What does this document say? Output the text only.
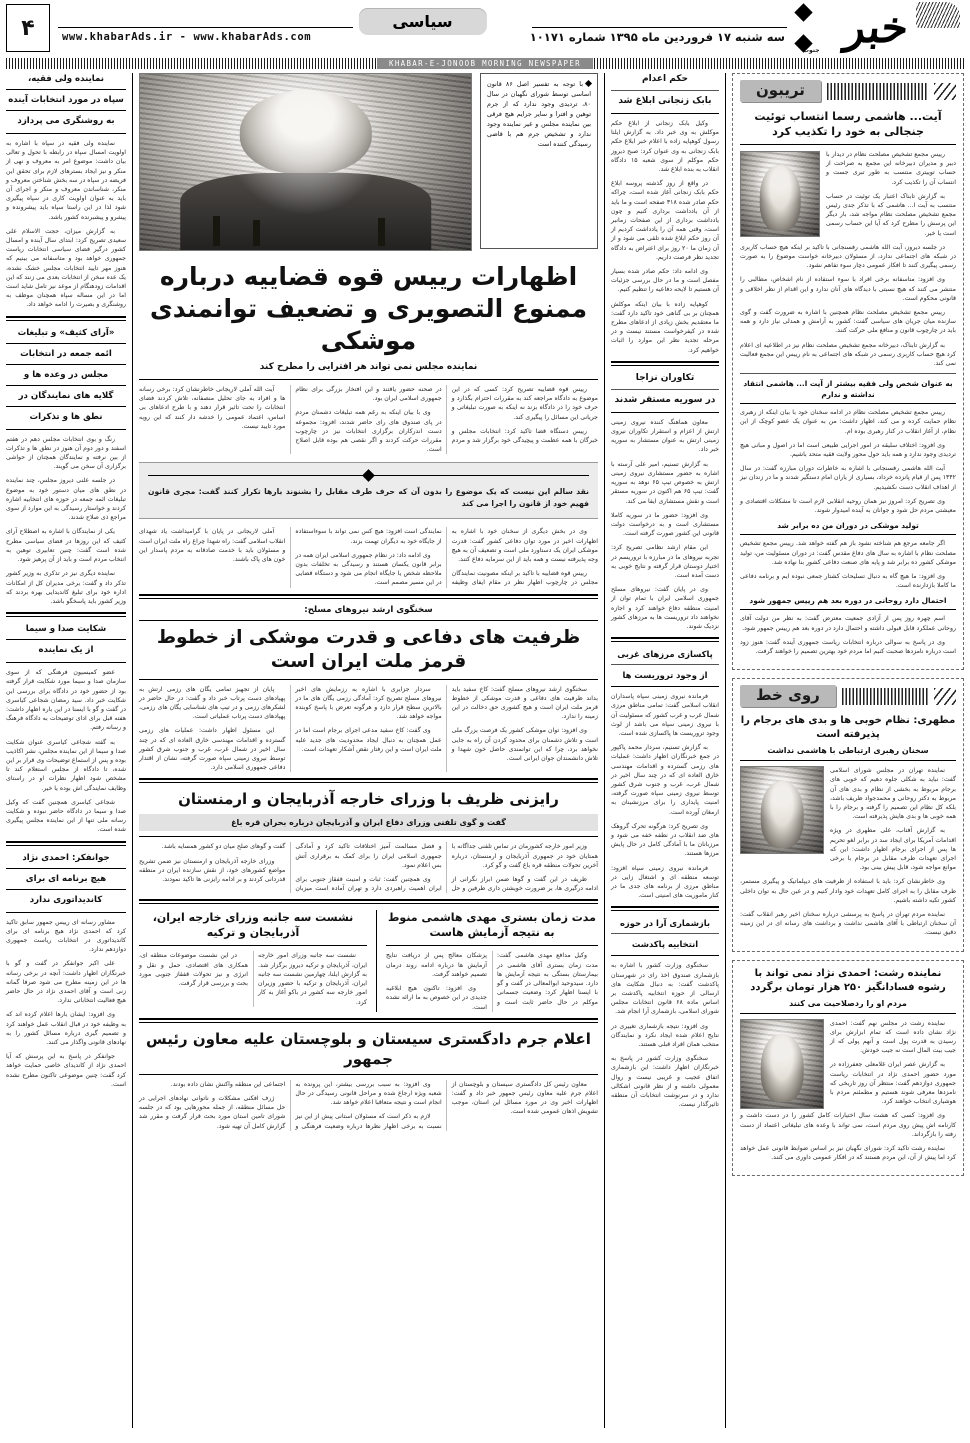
خبر
جنوب
سه شنبه ۱۷ فروردین ماه ۱۳۹۵ شماره ۱۰۱۷۱
سیاسی
www.khabarAds.ir - www.khabarAds.com
۴
KHABAR-E-JONOOB MORNING NEWSPAPER
تریبون
آیت... هاشمی رسما انتساب توئیت جنجالی به خود را تکذیب کرد

رییس مجمع تشخیص مصلحت نظام در دیدار با دبیر و مدیران دبیرخانه این مجمع به صراحت از حساب توییتری منتسب به طور تبری جست و انتساب آن را تکذیب کرد.

به گزارش تابناک اعتبار یک توئیت در حساب منتسب به آیت ا... هاشمی که با تذکر جدی رئیس مجمع تشخیص مصلحت نظام مواجه شد، بار دیگر این پرسش را مطرح کرد که آیا این حساب رسمی است یا خیر.

در جلسه دیروز، آیت الله هاشمی رفسنجانی با تاکید بر اینکه هیچ حساب کاربری در شبکه های اجتماعی ندارد، از مسئولان دبیرخانه خواست موضوع را به صورت رسمی پیگیری کنند تا افکار عمومی دچار سوء تفاهم نشود.

وی افزود: متاسفانه برخی افراد با سوء استفاده از نام اشخاص، مطالبی را منتشر می کنند که هیچ نسبتی با دیدگاه های آنان ندارد و این اقدام از نظر اخلاقی و قانونی محکوم است.

رییس مجمع تشخیص مصلحت نظام همچنین با اشاره به ضرورت گفت و گوی سازنده میان جریان های سیاسی گفت: کشور به آرامش و همدلی نیاز دارد و همه باید در چارچوب قانون و منافع ملی حرکت کنند.

به گزارش تابناک، دبیرخانه مجمع تشخیص مصلحت نظام نیز در اطلاعیه ای اعلام کرد هیچ حساب کاربری رسمی در شبکه های اجتماعی به نام رییس این مجمع فعالیت نمی کند.

به عنوان شخص ولی فقیه بیشتر از آیت ا... هاشمی انتقاد نداشته و ندارم

رییس مجمع تشخیص مصلحت نظام در ادامه سخنان خود با بیان اینکه از رهبری نظام حمایت کرده و می کند، اظهار داشت: من به عنوان یک عضو کوچک از این نظام، از آغاز انقلاب در کنار رهبری بوده ام.

وی افزود: اختلاف سلیقه در امور اجرایی طبیعی است اما در اصول و مبانی هیچ تردیدی وجود ندارد و همه باید حول محور ولایت فقیه متحد باشیم.

آیت الله هاشمی رفسنجانی با اشاره به خاطرات دوران مبارزه گفت: در سال ۱۳۴۲ پس از قیام پانزده خرداد، بسیاری از یاران امام دستگیر شدند و ما در زندان نیز از اهداف انقلاب دست نکشیدیم.

وی تصریح کرد: امروز نیز همان روحیه انقلابی لازم است تا مشکلات اقتصادی و معیشتی مردم حل شود و جوانان به آینده امیدوار شوند.

تولید موشکی در دوران من ده برابر شد

اگر جامعه مرجع هم شناخته نشود باز هم گفته خواهد شد. رییس مجمع تشخیص مصلحت نظام با اشاره به سال های دفاع مقدس گفت: در دوران مسئولیت من، تولید موشکی کشور ده برابر شد و پایه های صنعت دفاعی کشور بنا نهاده شد.

وی افزود: ما هیچ گاه به دنبال تسلیحات کشتار جمعی نبوده ایم و برنامه دفاعی ما کاملا بازدارنده است.

احتمال دارد روحانی در دوره بعد هم رییس جمهور شود

اسم چهره روز پس از آزادی جمعیت معترض گفت: به نظر من دولت آقای روحانی عملکرد قابل قبولی داشته و احتمال دارد در دوره بعد هم رییس جمهور شود.

وی در پاسخ به سوالی درباره انتخابات ریاست جمهوری آینده گفت: هنوز زود است درباره نامزدها صحبت کنیم اما مردم خود بهترین تصمیم را خواهند گرفت.

روی خط
مطهری: نظام خوبی ها و بدی های برجام را پذیرفته است

سخنان رهبری ارتباطی با هاشمی نداشت

نماینده تهران در مجلس شورای اسلامی گفت: نباید به شکلی جلوه دهیم که خوبی های برجام مربوط به بخشی از نظام و بدی های آن مربوط به دکتر روحانی و محمدجواد ظریف باشد، بلکه کل نظام این تصمیم را گرفته و برجام را با همه خوبی ها و بدی هایش پذیرفته است.

به گزارش آفتاب، علی مطهری در ویژه اقدامات آمریکا برای ایجاد سد در برابر لغو تحریم ها پس از اجرای برجام اظهار داشت: این که اجرای تعهدات طرف مقابل در برجام با برخی موانع مواجه شود، قابل پیش بینی بود.

وی خاطرنشان کرد: باید با استفاده از ظرفیت های دیپلماتیک و پیگیری مستمر، طرف مقابل را به اجرای کامل تعهدات خود وادار کنیم و در عین حال به توان داخلی کشور تکیه داشته باشیم.

نماینده مردم تهران در پاسخ به پرسشی درباره سخنان اخیر رهبر انقلاب گفت: آن سخنان ارتباطی با آقای هاشمی نداشت و برداشت های رسانه ای در این زمینه دقیق نیست.

نماینده رشت: احمدی نژاد نمی تواند با رشوه فسادانگیز ۲۵۰ هزار تومان برگردد

مردم او را ردصلاحیت می کنند

نماینده رشت در مجلس نهم گفت: احمدی نژاد نشان داده است که تمام ابزارش برای رسیدن به قدرت پول است و آنهم پولی که از جیب بیت المال است نه جیب خودش.

به گزارش عصر ایران غلامعلی جعفرزاده در مورد حضور احمدی نژاد در انتخابات ریاست جمهوری دوازدهم گفت: منتظر آن روز تاریخی که نامزدها معرفی شوند هستیم و مطمئنم مردم با هوشیاری انتخاب خواهند کرد.

وی افزود: کسی که هشت سال اختیارات کامل کشور را در دست داشت و کارنامه اش پیش روی مردم است، نمی تواند با وعده های تبلیغاتی اعتماد از دست رفته را بازگرداند.

نماینده رشت تاکید کرد: شورای نگهبان نیز بر اساس ضوابط قانونی عمل خواهد کرد اما پیش از آن، این مردم هستند که در افکار عمومی داوری می کنند.

حکم اعدام
بابک زنجانی ابلاغ شد

وکیل بابک زنجانی از ابلاغ حکم موکلش به وی خبر داد. به گزارش ایلنا رسول کوهپایه زاده با اعلام خبر ابلاغ حکم بابک زنجانی به وی عنوان کرد: صبح دیروز حکم موکلم از سوی شعبه ۱۵ دادگاه انقلاب به بنده ابلاغ شد.

در واقع از روز گذشته پروسه ابلاغ حکم بابک زنجانی آغاز شده است، چراکه حکم صادر شده ۳۱۸ صفحه است و ما باید از آن یادداشت برداری کنیم و چون یادداشت برداری از این صفحات زمانبر است، وقتی همه آن را یادداشت کردیم از آن روز حکم ابلاغ شده تلقی می شود و از آن زمان ما ۲۰ روز برای اعتراض به دادگاه تجدید نظر فرصت داریم.

وی ادامه داد: حکم صادر شده بسیار مفصل است و ما در حال بررسی جزئیات آن هستیم تا لایحه دفاعیه را تنظیم کنیم.

کوهپایه زاده با بیان اینکه موکلش همچنان بر بی گناهی خود تاکید دارد گفت: ما معتقدیم بخش زیادی از ادعاهای مطرح شده در کیفرخواست مستند نیست و در مرحله تجدید نظر این موارد را اثبات خواهیم کرد.

تکاوران نزاجا
در سوریه مستقر شدند

معاون هماهنگ کننده نیروی زمینی ارتش از اعزام و استقرار تکاوران نیروی زمینی ارتش به عنوان مستشار به سوریه خبر داد.

به گزارش تسنیم، امیر علی آرسته با اشاره به حضور مستشاری نیروی زمینی ارتش به خصوص تیپ ۶۵ نوهد به سوریه گفت: تیپ ۶۵ هم اکنون در سوریه مستقر است و نقش مستشاری ایفا می کند.

وی افزود: حضور ما در سوریه کاملا مستشاری است و به درخواست دولت قانونی این کشور صورت گرفته است.

این مقام ارشد نظامی تصریح کرد: تجربه نیروهای ما در مبارزه با تروریسم در اختیار دوستان قرار گرفته و نتایج خوبی به دست آمده است.

وی در پایان گفت: نیروهای مسلح جمهوری اسلامی ایران با تمام توان از امنیت منطقه دفاع خواهند کرد و اجازه نخواهند داد تروریست ها به مرزهای کشور نزدیک شوند.

پاکسازی مرزهای غربی
از وجود تروریست ها

فرمانده نیروی زمینی سپاه پاسداران انقلاب اسلامی گفت: تمامی مناطق مرزی شمال غرب و غرب کشور که مسئولیت آن با نیروی زمینی سپاه می باشد از لوث وجود تروریست ها پاکسازی شده است.

به گزارش تسنیم، سردار محمد پاکپور در جمع خبرنگاران اظهار داشت: عملیات های رزمی گسترده و اقدامات مهندسی خارق العاده ای که در چند سال اخیر در شمال غرب، غرب و جنوب شرق کشور توسط نیروی زمینی سپاه صورت گرفته، امنیت پایداری را برای مرزنشینان به ارمغان آورده است.

وی تصریح کرد: هرگونه تحرک گروهک های ضد انقلاب در نطفه خفه می شود و مرزبانان ما با آمادگی کامل در حال پایش مرزها هستند.

فرمانده نیروی زمینی سپاه افزود: توسعه منطقه ای و اشتغال زایی در مناطق مرزی از برنامه های جدی ما در کنار ماموریت های امنیتی است.

بازشماری آرا در حوزه
انتخابیه پاکدشت

سخنگوی وزارت کشور با اشاره به بازشماری صندوق اخذ رای در شهرستان پاکدشت گفت: به دنبال شکایت های ارسالی از حوزه انتخابیه پاکدشت بر اساس ماده ۶۸ قانون انتخابات مجلس شورای اسلامی، بازشماری آرا انجام شد.

وی افزود: نتیجه بازشماری تغییری در نتایج اعلام شده ایجاد نکرد و نمایندگان منتخب همان افراد قبلی هستند.

سخنگوی وزارت کشور در پاسخ به خبرنگاران اظهار داشت: این بازشماری اتفاق عجیب و غریبی نیست و روال معمولی داشته و از نظر قانونی اشکالی ندارد و در سرنوشت انتخابات آن منطقه تاثیرگذار نیست.

با توجه به تفسیر اصل ۸۶ قانون اساسی توسط شورای نگهبان در سال ۸۰، تردیدی وجود ندارد که از جرم توهین و افترا و سایر جرایم هیچ فرقی بین نماینده مجلس و غیر نماینده وجود ندارد و تشخیص جرم هم با قاضی رسیدگی کننده است
اظهارات رییس قوه قضاییه درباره ممنوع التصویری و تضعیف توانمندی موشکی

نماینده مجلس نمی تواند هر افترایی را مطرح کند

رییس قوه قضاییه تصریح کرد: کسی که در این موضوع به دادگاه مراجعه کند به مقررات احترام بگذارد و حرف خود را در دادگاه بزند نه اینکه به صورت تبلیغاتی و جریانی این مسائل را پیگیری کند.

رییس دستگاه قضا تاکید کرد: انتخابات مجلس و خبرگان با همه عظمت و پیچیدگی خود برگزار شد و مردم در صحنه حضور یافتند و این افتخار بزرگی برای نظام جمهوری اسلامی ایران بود.

وی با بیان اینکه به رغم همه تبلیغات دشمنان مردم در پای صندوق های رای حاضر شدند، افزود: مجموعه دست اندرکاران برگزاری انتخابات نیز در چارچوب مقررات حرکت کردند و اگر نقصی هم بوده قابل اصلاح است.

آیت الله آملی لاریجانی خاطرنشان کرد: برخی رسانه ها و افراد به جای تحلیل منصفانه، تلاش کردند فضای انتخابات را تحت تاثیر قرار دهند و با طرح ادعاهای بی اساس، اعتماد عمومی را خدشه دار کنند که این رویه مورد تایید نیست.

نقد سالم این نیست که یک موضوع را بدون آن که حرف طرف مقابل را بشنوند بارها تکرار کنند گفت: مجری قانون فهیم خود از قانون را اجرا می کند

وی در بخش دیگری از سخنان خود با اشاره به اظهارات اخیر در مورد توان دفاعی کشور گفت: قدرت موشکی ایران یک دستاورد ملی است و تضعیف آن به هیچ وجه پذیرفته نیست و همه باید از این سرمایه دفاع کنند.

رییس قوه قضاییه با تاکید بر اینکه مصونیت نمایندگان مجلس در چارچوب اظهار نظر در مقام ایفای وظیفه نمایندگی است افزود: هیچ کس نمی تواند با سوءاستفاده از جایگاه خود به دیگران تهمت بزند.

وی ادامه داد: در نظام جمهوری اسلامی ایران همه در برابر قانون یکسان هستند و رسیدگی به تخلفات بدون ملاحظه شخص یا جایگاه انجام می شود و دستگاه قضایی در این مسیر مصمم است.

آملی لاریجانی در پایان با گرامیداشت یاد شهدای انقلاب اسلامی گفت: راه شهدا چراغ راه ملت ایران است و مسئولان باید با خدمت صادقانه به مردم پاسدار این خون های پاک باشند.

سخنگوی ارشد نیروهای مسلح:

ظرفیت های دفاعی و قدرت موشکی از خطوط قرمز ملت ایران است

سخنگوی ارشد نیروهای مسلح گفت: کاخ سفید باید بداند ظرفیت های دفاعی و قدرت موشکی از خطوط قرمز ملت ایران است و هیچ کشوری حق دخالت در این زمینه را ندارد.

وی افزود: توان موشکی کشور یک فرصت بزرگ ملی است و تلاش دشمنان برای محدود کردن آن راه به جایی نخواهد برد، چرا که این توانمندی حاصل خون شهدا و تلاش دانشمندان جوان ایرانی است.

سردار جزایری با اشاره به رزمایش های اخیر نیروهای مسلح تصریح کرد: آمادگی رزمی یگان های ما در بالاترین سطح قرار دارد و هرگونه تعرض با پاسخ کوبنده مواجه خواهد شد.

وی گفت: کاخ سفید مدعی اجرای برجام است اما در عمل همچنان به دنبال ایجاد محدودیت های جدید علیه ملت ایران است و این رفتار نقض آشکار تعهدات است.

پایان از تجهیز تمامی یگان های رزمی ارتش به پهپادهای دست پرتاب خبر داد و گفت: در حال حاضر در لشکرهای رزمی و در تیپ های شناسایی یگان های رزمی، پهپادهای دست پرتاب عملیاتی است.

این مسئول اظهار داشت: عملیات های رزمی گسترده و اقدامات مهندسی خارق العاده ای که در چند سال اخیر در شمال غرب، غرب و جنوب شرق کشور توسط نیروی زمینی سپاه صورت گرفته، نشان از اقتدار دفاعی جمهوری اسلامی دارد.

رایزنی ظریف با وزرای خارجه آذربایجان و ارمنستان

گفت و گوی تلفنی وزرای دفاع ایران و آذربایجان درباره بحران قره باغ

وزیر امور خارجه کشورمان در تماس تلفنی جداگانه با همتایان خود در جمهوری آذربایجان و ارمنستان، درباره آخرین تحولات منطقه قره باغ گفت و گو کرد.

ظریف در این گفت و گوها ضمن ابراز نگرانی از ادامه درگیری ها، بر ضرورت خویشتن داری طرفین و حل و فصل مسالمت آمیز اختلافات تاکید کرد و آمادگی جمهوری اسلامی ایران را برای کمک به برقراری آتش بس اعلام نمود.

وی همچنین گفت: ثبات و امنیت قفقاز جنوبی برای ایران اهمیت راهبردی دارد و تهران آماده است میزبان گفت و گوهای صلح میان دو کشور همسایه باشد.

وزرای خارجه آذربایجان و ارمنستان نیز ضمن تشریح مواضع کشورهای خود، از نقش سازنده ایران در منطقه قدردانی کردند و بر ادامه رایزنی ها تاکید نمودند.

مدت زمان بستری مهدی هاشمی منوط به نتیجه آزمایش هاست

وکیل مدافع مهدی هاشمی گفت: مدت زمان بستری آقای هاشمی در بیمارستان بستگی به نتیجه آزمایش ها دارد. سیدوحید ابوالمعالی در گفت و گو با ایسنا اظهار کرد: وضعیت جسمانی موکلم در حال حاضر ثابت است و پزشکان معالج پس از دریافت نتایج آزمایش ها درباره ادامه روند درمان تصمیم خواهند گرفت.

وی افزود: تاکنون هیچ ابلاغیه جدیدی در این خصوص به ما ارائه نشده است.

نشست سه جانبه وزرای خارجه ایران، آذربایجان و ترکیه

نشست سه جانبه وزرای امور خارجه ایران، آذربایجان و ترکیه دیروز برگزار شد. به گزارش ایلنا، چهارمین نشست سه جانبه ایران، آذربایجان و ترکیه با حضور وزیران امور خارجه سه کشور در باکو آغاز به کار کرد.

در این نشست موضوعات منطقه ای، همکاری های اقتصادی، حمل و نقل و انرژی و نیز تحولات قفقاز جنوبی مورد بحث و بررسی قرار گرفت.

اعلام جرم دادگستری سیستان و بلوچستان علیه معاون رئیس جمهور

معاون رئیس کل دادگستری سیستان و بلوچستان از اعلام جرم علیه معاون رئیس جمهور خبر داد و گفت: اظهارات اخیر وی در مورد مسائل این استان، موجب تشویش اذهان عمومی شده است.

وی افزود: به سبب بررسی بیشتر، این پرونده به شعبه ویژه ارجاع شده و مراحل قانونی رسیدگی در حال انجام است و نتیجه متعاقبا اعلام خواهد شد.

لازم به ذکر است که مسئولان استانی پیش از این نیز نسبت به برخی اظهار نظرها درباره وضعیت فرهنگی و اجتماعی این منطقه واکنش نشان داده بودند.

ژرف افکنی مشکلات و ناتوانی نهادهای اجرایی در حل مسائل منطقه، از جمله محورهایی بود که در جلسه شورای تامین استان مورد بحث قرار گرفت و مقرر شد گزارش کامل آن تهیه شود.

نماینده ولی فقیه،
سپاه در مورد انتخابات آینده
به روشنگری می پردازد

نماینده ولی فقیه در سپاه با اشاره به اولویت امسال سپاه در رابطه با تحول و تعالی بیان داشت: موضوع امر به معروف و نهی از منکر و نیز ایجاد بسترهای لازم برای تحقق این فریضه در سپاه در سه بخش شناختن معروف و منکر، شناساندن معروف و منکر و اجرای آن باید به عنوان اولویت کاری در سپاه پیگیری شود لذا در این راستا سپاه باید پیشرونده و پیشرو و پیشبرنده کشور باشد.

به گزارش میزان، حجت الاسلام علی سعیدی تصریح کرد: ابتدای سال آینده و امسال کشور درگیر فضای سیاسی انتخابات ریاست جمهوری خواهد بود و متاسفانه می بینیم که هنوز مهر تایید انتخابات مجلس خشک نشده، یک عده سخن از انتخابات بعدی می زنند که این اقدامات زودهنگام از موعد نیز تامل شاید است اما در این مساله سپاه همچنان موظف به روشنگری و بصیرت را ادامه خواهد داد.

«آرای کثیف» و تبلیغات
ائمه جمعه در انتخابات
مجلس در وعده ها و
گلایه های نمایندگان در
نطق ها و تذکرات

رنگ و بوی انتخابات مجلس دهم در هفتم اسفند و دور دوم آن هنوز در نطق ها و تذکرات از بین نرفته و نمایندگان همچنان از حواشی برگزاری آن سخن می گویند.

در جلسه علنی دیروز مجلس، چند نماینده در نطق های میان دستور خود به موضوع تبلیغات ائمه جمعه در حوزه های انتخابیه اشاره کردند و خواستار رسیدگی به این موارد از سوی مراجع ذی صلاح شدند.

یکی از نمایندگان با اشاره به اصطلاح آرای کثیف که این روزها در فضای سیاسی مطرح شده است گفت: چنین تعابیری توهین به انتخاب مردم است و باید از آن پرهیز شود.

نماینده دیگری نیز در تذکری به وزیر کشور تذکر داد و گفت: برخی مدیران کل از امکانات اداره خود برای تبلیغ کاندیدایی بهره بردند که وزیر کشور باید پاسخگو باشد.

شکایت صدا و سیما
از یک نماینده

عضو کمیسیون فرهنگی که از سوی سازمان صدا و سیما مورد شکایت قرار گرفته بود از حضور خود در دادگاه برای بررسی این شکایت خبر داد. سید رمضان شجاعی کیاسری در گفت و گو با ایسنا در این باره اظهار داشت: هفته قبل برای ادای توضیحات به دادگاه فرهنگ و رسانه رفتم.

به گفته شجاعی کیاسری عنوان شکایت صدا و سیما از این نماینده مجلس، نشر اکاذیب بوده و پس از استماع توضیحات وی قرار بر این شده، تا دادگاه از مجلس استعلام کند تا مشخص شود اظهار نظرات او در راستای وظایف نمایندگی اش بوده یا خیر.

شجاعی کیاسری همچنین گفت که وکیل صدا و سیما در دادگاه حاضر نبوده و شکایت رسانه ملی تنها از این نماینده مجلس پیگیری شده است.

جوانفکر: احمدی نژاد
هیچ برنامه ای برای
کاندیداتوری ندارد

مشاور رسانه ای رییس جمهور سابق تاکید کرد که احمدی نژاد هیچ برنامه ای برای کاندیداتوری در انتخابات ریاست جمهوری دوازدهم ندارد.

علی اکبر جوانفکر در گفت و گو با خبرنگاران اظهار داشت: آنچه در برخی رسانه ها در این زمینه مطرح می شود صرفا گمانه زنی است و آقای احمدی نژاد در حال حاضر هیچ فعالیت انتخاباتی ندارد.

وی افزود: ایشان بارها اعلام کرده اند که به وظیفه خود در قبال انقلاب عمل خواهند کرد و تصمیم گیری درباره مسائل کشور را به نهادهای قانونی واگذار می کنند.

جوانفکر در پاسخ به این پرسش که آیا احمدی نژاد از کاندیدای خاصی حمایت خواهد کرد گفت: چنین موضوعی تاکنون مطرح نشده است.
